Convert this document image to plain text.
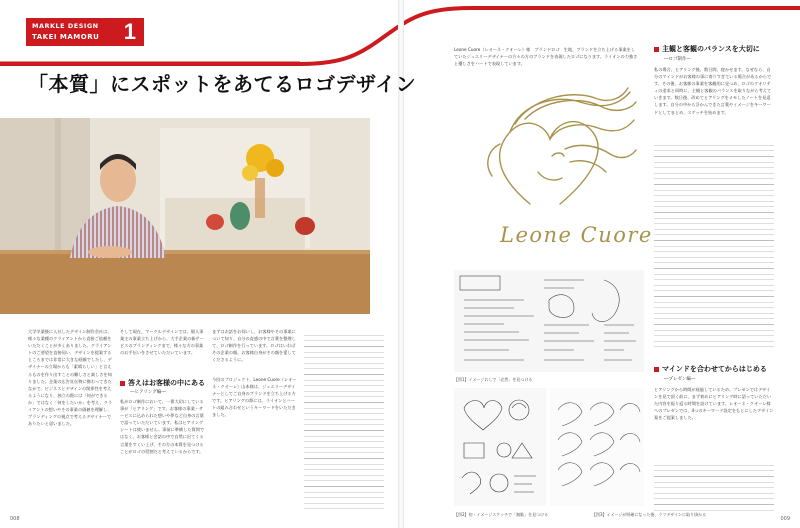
MARKLE DESIGN
TAKEI MAMORU 1
「本質」にスポットをあてるロゴデザイン
大学卒業後に入社したデザイン制作会社は、様々な業種のクライアントから直接ご依頼をいただくことが多くありました。クライアントのご要望を直接伺い、デザインを提案するところまでは非常に大きな経験でしたし、デザイナーの立場からも「素晴らしい」と言えるものを作り出すことの難しさと楽しさを知りました。企業の広告宣伝物に携わってきたなかで、ビジネスとデザインの関係性を考えるようになり、独立の際には「何ができるか」ではなく「何をしたいか」を考え、クライアントの想いやその事業の価値を理解し、ブランディングの視点で考えるデザイナーでありたいと思いました。
そして現在、マークルデザインでは、個人事業主の事業立ち上げから、大手企業の新サービスのブランディングまで、様々な方の事業のお手伝いをさせていただいています。
答えはお客様の中にある
―ヒアリング編―
私がロゴ制作において、一番大切にしている事が「ヒアリング」です。お客様の事業・サービスに込められた想いや夢など自身の言葉で語っていただいています。私はヒアリングシートは使いません。事前に準備した質問ではなく、お客様と会話の中で自然に出てくる言葉をすくい上げ、その方の本質を見つけることがロゴの役割だと考えているからです。
まずはお話をお伺いし、お客様やその事業について知り、自分の直感の中で言葉を整理して、ロゴ制作を行っています。ロゴはいわばその企業の顔。お客様自身がその顔を愛してくださるように。
今回のプロジェクト、Leone Cuore（レオーネ・クオーレ）山本様は、ジュエリーデザイナーとしてご自身のブランドを立ち上げる方です。ヒアリングの際には、ライオンとハートの組み合わせというキーワードをいただきました。
008
Leone Cuore（レオーネ・クオーレ）様　ブランドロゴ　生地、ブランドを立ち上げる事業をしていたジュエリーデザイナーの方々の方のブランドを表現したロゴになります。ライオンの力強さと優しさをハートで表現しています。
Leone Cuore
【図1】イメージおしで「必然」を見つける
【図2】初・イメージスケッチで「無駄」を見つける	【図3】イメージが明確になった後、ラフデザインに取り掛かる
主観と客観のバランスを大切に
―ロゴ制作―
私の場合、ヒアリング後、数日間、寝かせます。なぜなら、自分のマインドがお客様の事に寄りすぎている場合があるからです。その後、お客様の事業を客観的に見つめ、ロゴのクオリティの追求と同時に、主観と客観のバランスを取りながら考えていきます。数日後、改めてヒアリングをメモしたノートを見返します。自分の中から浮かんできた言葉やイメージをキーワードとしてまとめ、スケッチを始めます。
マインドを合わせてからはじめる
―プレゼン編―
ヒアリングから時間が経過しているため、プレゼンではデザインを見て頂く前に、まず初めにヒアリング時に語っていただいた内容を振り返る時間を設けています。レオーネ・クオーレ様へのプレゼンでは、4つのキーワード設定をもとにしたデザイン案をご提案しました。
009
